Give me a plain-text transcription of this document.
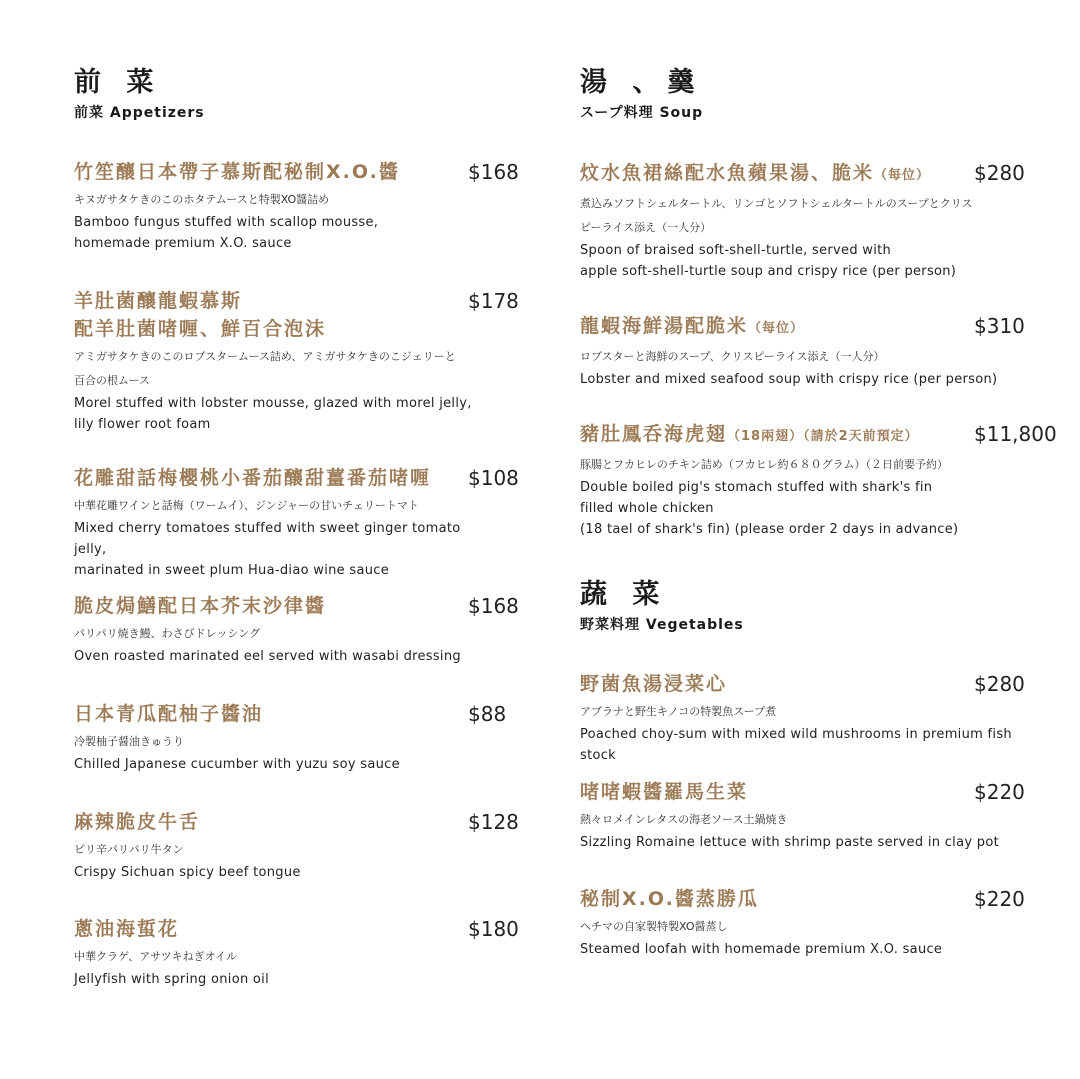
前 菜
前菜 Appetizers
竹笙釀日本帶子慕斯配秘制X.O.醬	$168
キヌガサタケきのこのホタテムースと特製XO醬詰め
Bamboo fungus stuffed with scallop mousse,
homemade premium X.O. sauce
羊肚菌釀龍蝦慕斯
配羊肚菌啫喱、鮮百合泡沫
$178
アミガサタケきのこのロブスタームース詰め、アミガサタケきのこジェリーと
百合の根ムース
Morel stuffed with lobster mousse, glazed with morel jelly,
lily flower root foam
花雕甜話梅櫻桃小番茄釀甜薑番茄啫喱	$108
中華花雕ワインと話梅（ワームイ）、ジンジャーの甘いチェリートマト
Mixed cherry tomatoes stuffed with sweet ginger tomato jelly,
marinated in sweet plum Hua-diao wine sauce
脆皮焗鱔配日本芥末沙律醬	$168
パリパリ焼き鰻、わさびドレッシング
Oven roasted marinated eel served with wasabi dressing
日本青瓜配柚子醬油	$88
冷製柚子醤油きゅうり
Chilled Japanese cucumber with yuzu soy sauce
麻辣脆皮牛舌	$128
ピリ辛パリパリ牛タン
Crispy Sichuan spicy beef tongue
蔥油海蜇花	$180
中華クラゲ、アサツキねぎオイル
Jellyfish with spring onion oil
湯 、羹
スープ料理 Soup
炆水魚裙絲配水魚蘋果湯、脆米（每位）	$280
煮込みソフトシェルタートル、リンゴとソフトシェルタートルのスープとクリス
ピーライス添え（一人分）
Spoon of braised soft-shell-turtle, served with
apple soft-shell-turtle soup and crispy rice (per person)
龍蝦海鮮湯配脆米（每位）	$310
ロブスターと海鮮のスープ、クリスピーライス添え（一人分）
Lobster and mixed seafood soup with crispy rice (per person)
豬肚鳳呑海虎翅（18兩翅）（請於2天前預定）	$11,800
豚腸とフカヒレのチキン詰め（フカヒレ約６８０グラム）（２日前要予約）
Double boiled pig's stomach stuffed with shark's fin
filled whole chicken
(18 tael of shark's fin) (please order 2 days in advance)
蔬 菜
野菜料理 Vegetables
野菌魚湯浸菜心	$280
アブラナと野生キノコの特製魚スープ煮
Poached choy-sum with mixed wild mushrooms in premium fish stock
啫啫蝦醬羅馬生菜	$220
熱々ロメインレタスの海老ソース土鍋焼き
Sizzling Romaine lettuce with shrimp paste served in clay pot
秘制X.O.醬蒸勝瓜	$220
ヘチマの自家製特製XO醤蒸し
Steamed loofah with homemade premium X.O. sauce
